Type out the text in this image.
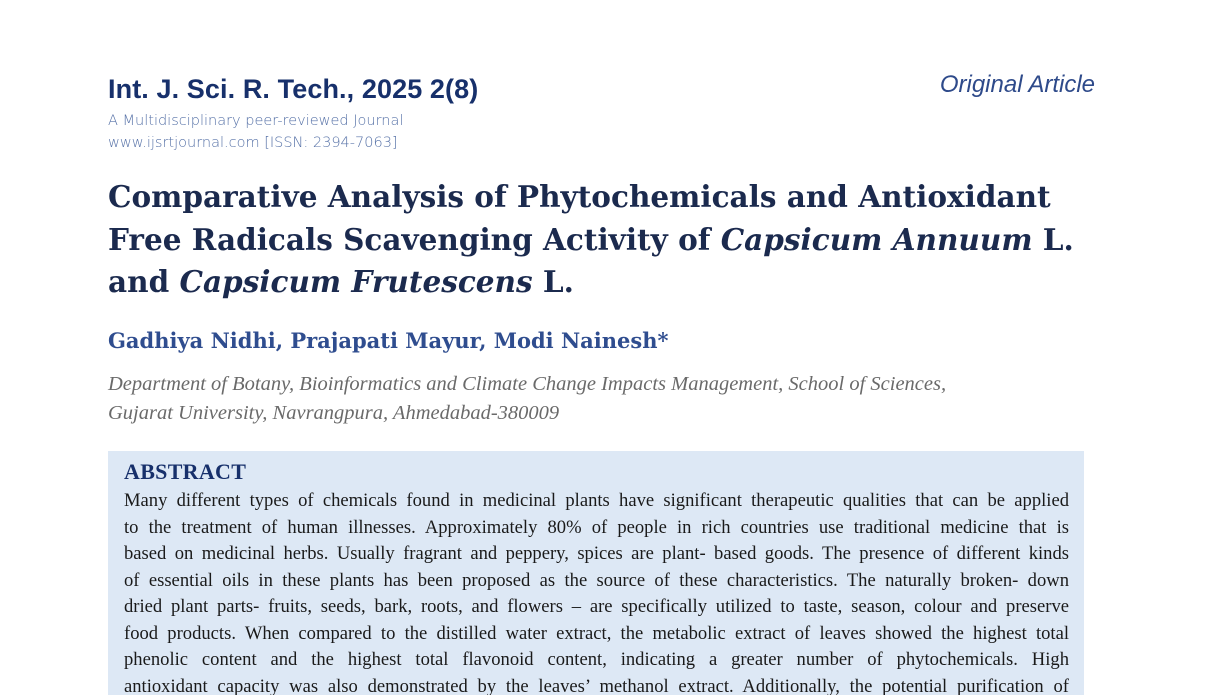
Int. J. Sci. R. Tech., 2025 2(8)	Original Article
A Multidisciplinary peer-reviewed Journal
www.ijsrtjournal.com [ISSN: 2394-7063]
Comparative Analysis of Phytochemicals and Antioxidant
Free Radicals Scavenging Activity of Capsicum Annuum L.
and Capsicum Frutescens L.
Gadhiya Nidhi, Prajapati Mayur, Modi Nainesh*
Department of Botany, Bioinformatics and Climate Change Impacts Management, School of Sciences,
Gujarat University, Navrangpura, Ahmedabad-380009
ABSTRACT
Many different types of chemicals found in medicinal plants have significant therapeutic qualities that can be applied
to the treatment of human illnesses. Approximately 80% of people in rich countries use traditional medicine that is
based on medicinal herbs. Usually fragrant and peppery, spices are plant- based goods. The presence of different kinds
of essential oils in these plants has been proposed as the source of these characteristics. The naturally broken- down
dried plant parts- fruits, seeds, bark, roots, and flowers – are specifically utilized to taste, season, colour and preserve
food products. When compared to the distilled water extract, the metabolic extract of leaves showed the highest total
phenolic content and the highest total flavonoid content, indicating a greater number of phytochemicals. High
antioxidant capacity was also demonstrated by the leaves’ methanol extract. Additionally, the potential purification of
